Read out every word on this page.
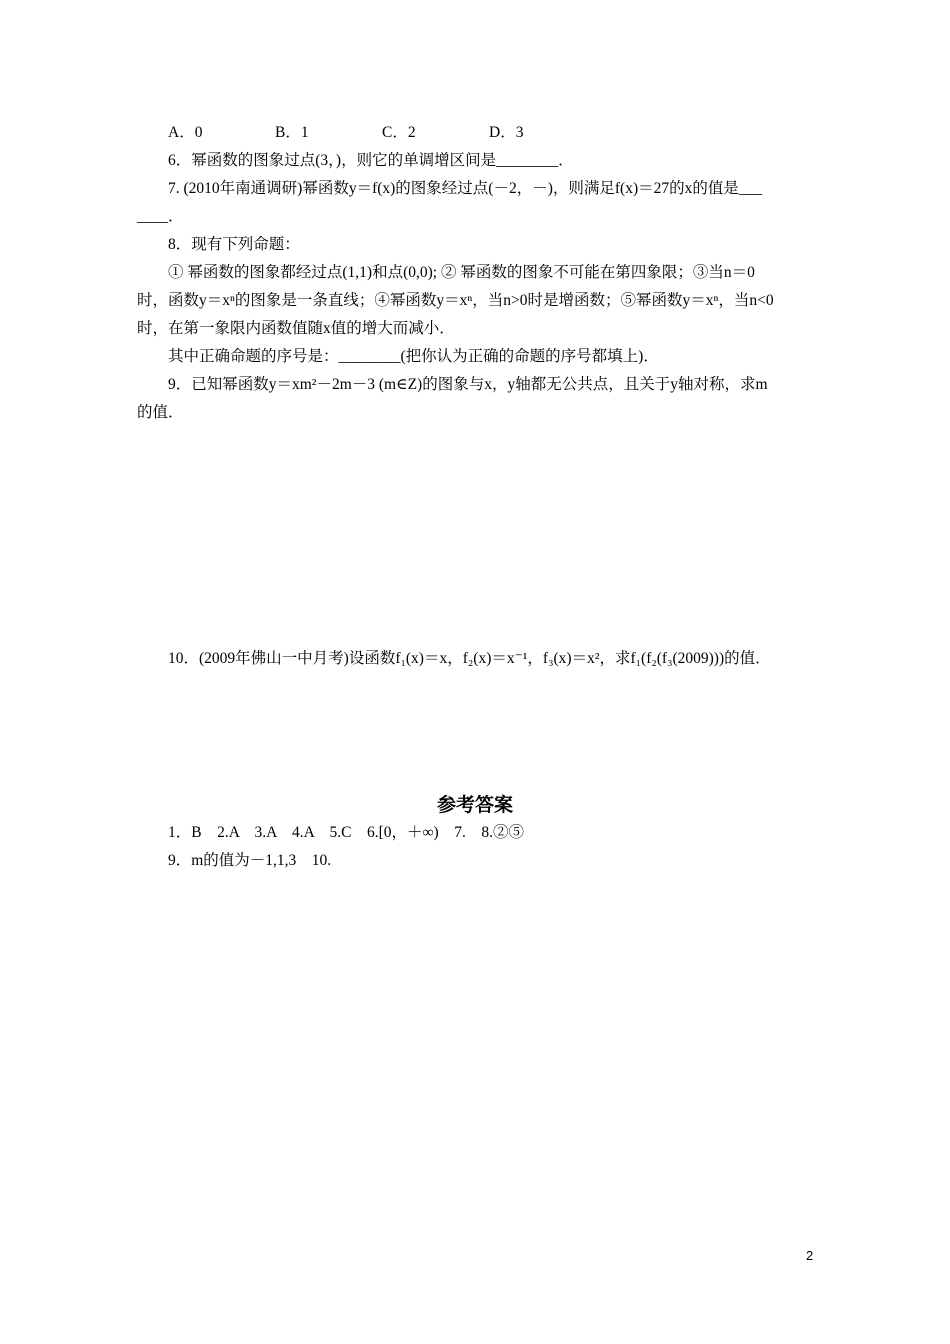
A．0	B．1	C．2	D．3
6．幂函数的图象过点(3，)，则它的单调增区间是________．
7. (2010年南通调研)幂函数y＝f(x)的图象经过点(－2，－)，则满足f(x)＝27的x的值是___
____．
8．现有下列命题：
① 幂函数的图象都经过点(1,1)和点(0,0); ② 幂函数的图象不可能在第四象限；③当n＝0
时，函数y＝xⁿ的图象是一条直线；④幂函数y＝xⁿ，当n>0时是增函数；⑤幂函数y＝xⁿ，当n<0
时，在第一象限内函数值随x值的增大而减小．
其中正确命题的序号是：________(把你认为正确的命题的序号都填上)．
9．已知幂函数y＝xm²－2m－3 (m∈Z)的图象与x，y轴都无公共点，且关于y轴对称，求m
的值．
10．(2009年佛山一中月考)设函数f₁(x)＝x，f₂(x)＝x⁻¹，f₃(x)＝x²，求f₁(f₂(f₃(2009)))的值．
参考答案
1．B　2.A　3.A　4.A　5.C　6.[0，＋∞)　7.　8.②⑤
9．m的值为－1,1,3　10.
2
